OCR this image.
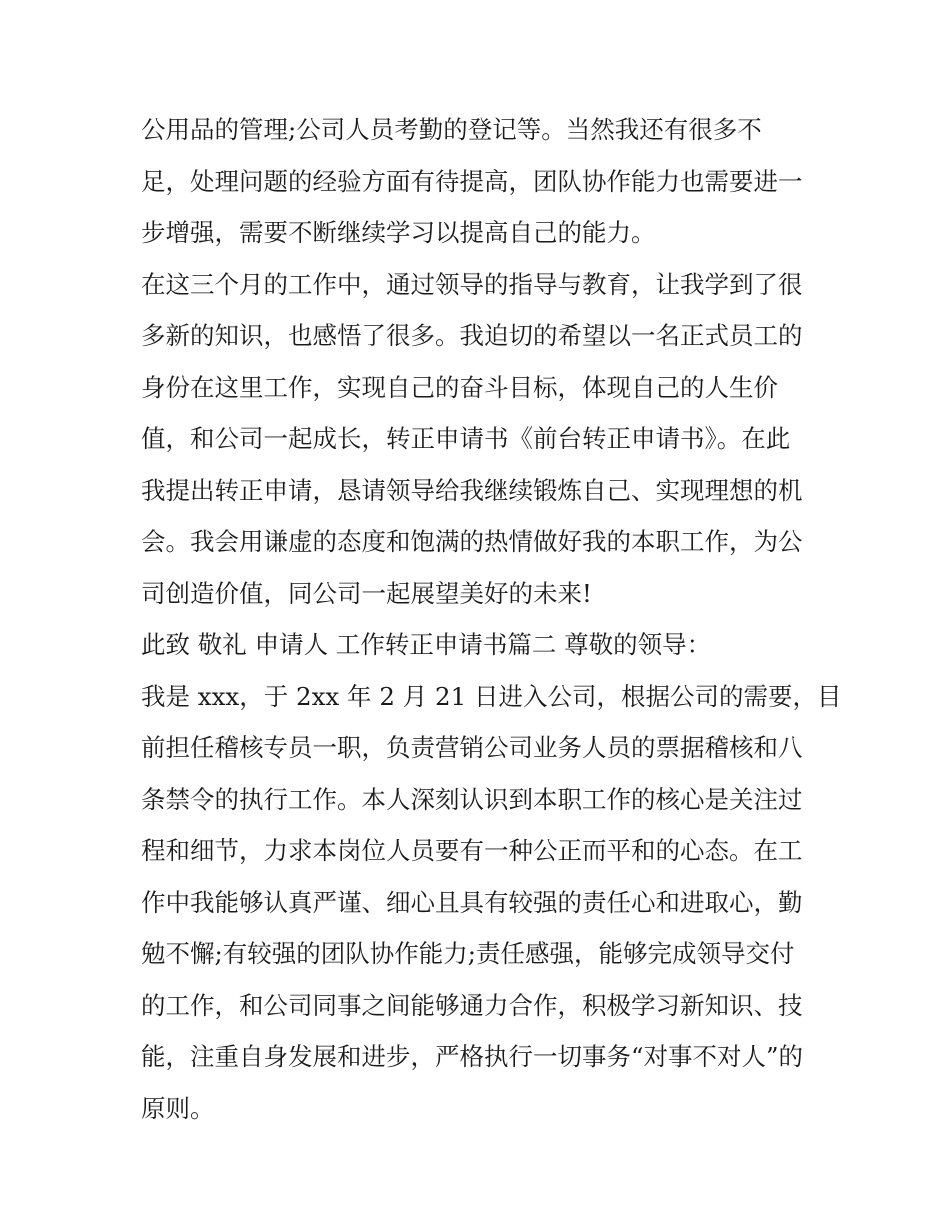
公用品的管理;公司人员考勤的登记等。当然我还有很多不
足，处理问题的经验方面有待提高，团队协作能力也需要进一
步增强，需要不断继续学习以提高自己的能力。
在这三个月的工作中，通过领导的指导与教育，让我学到了很
多新的知识，也感悟了很多。我迫切的希望以一名正式员工的
身份在这里工作，实现自己的奋斗目标，体现自己的人生价
值，和公司一起成长，转正申请书《前台转正申请书》。在此
我提出转正申请，恳请领导给我继续锻炼自己、实现理想的机
会。我会用谦虚的态度和饱满的热情做好我的本职工作，为公
司创造价值，同公司一起展望美好的未来!
此致 敬礼 申请人 工作转正申请书篇二 尊敬的领导：
我是 xxx，于 2xx 年 2 月 21 日进入公司，根据公司的需要，目
前担任稽核专员一职，负责营销公司业务人员的票据稽核和八
条禁令的执行工作。本人深刻认识到本职工作的核心是关注过
程和细节，力求本岗位人员要有一种公正而平和的心态。在工
作中我能够认真严谨、细心且具有较强的责任心和进取心，勤
勉不懈;有较强的团队协作能力;责任感强，能够完成领导交付
的工作，和公司同事之间能够通力合作，积极学习新知识、技
能，注重自身发展和进步，严格执行一切事务“对事不对人”的
原则。
